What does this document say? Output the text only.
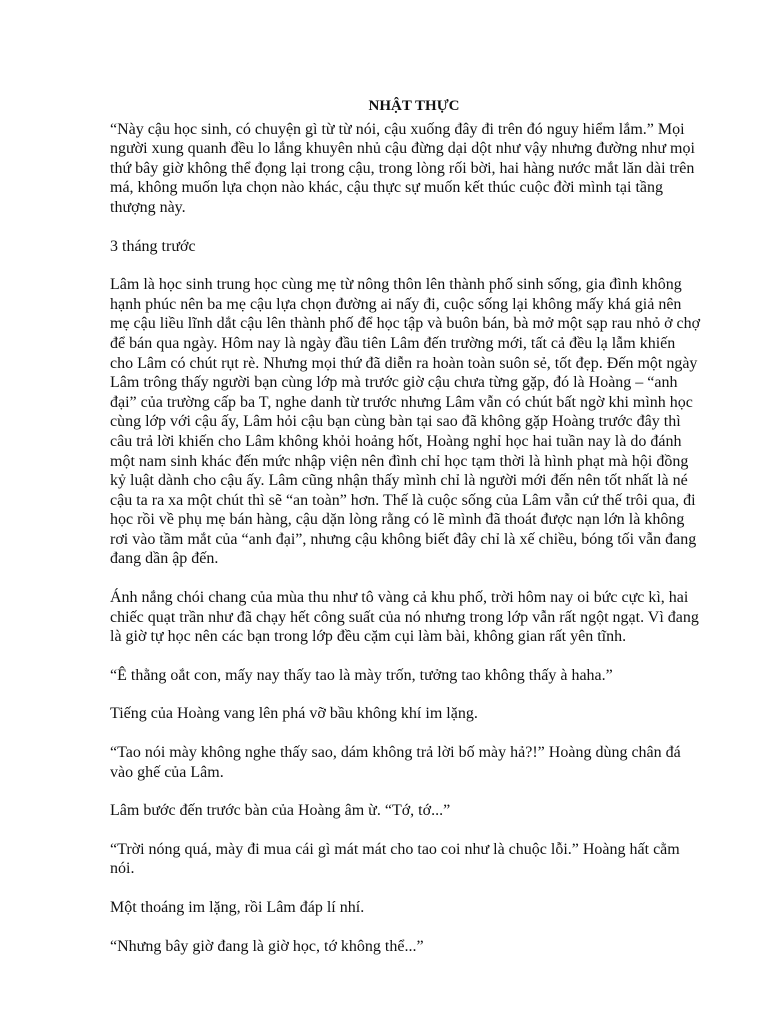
NHẬT THỰC

“Này cậu học sinh, có chuyện gì từ từ nói, cậu xuống đây đi trên đó nguy hiểm lắm.” Mọi người xung quanh đều lo lắng khuyên nhủ cậu đừng dại dột như vậy nhưng đường như mọi thứ bây giờ không thể đọng lại trong cậu, trong lòng rối bời, hai hàng nước mắt lăn dài trên má, không muốn lựa chọn nào khác, cậu thực sự muốn kết thúc cuộc đời mình tại tầng thượng này.

3 tháng trước

Lâm là học sinh trung học cùng mẹ từ nông thôn lên thành phố sinh sống, gia đình không hạnh phúc nên ba mẹ cậu lựa chọn đường ai nấy đi, cuộc sống lại không mấy khá giả nên mẹ cậu liều lĩnh dắt cậu lên thành phố để học tập và buôn bán, bà mở một sạp rau nhỏ ở chợ để bán qua ngày. Hôm nay là ngày đầu tiên Lâm đến trường mới, tất cả đều lạ lẫm khiến cho Lâm có chút rụt rè. Nhưng mọi thứ đã diễn ra hoàn toàn suôn sẻ, tốt đẹp. Đến một ngày Lâm trông thấy người bạn cùng lớp mà trước giờ cậu chưa từng gặp, đó là Hoàng – “anh đại” của trường cấp ba T, nghe danh từ trước nhưng Lâm vẫn có chút bất ngờ khi mình học cùng lớp với cậu ấy, Lâm hỏi cậu bạn cùng bàn tại sao đã không gặp Hoàng trước đây thì câu trả lời khiến cho Lâm không khỏi hoảng hốt, Hoàng nghỉ học hai tuần nay là do đánh một nam sinh khác đến mức nhập viện nên đình chỉ học tạm thời là hình phạt mà hội đồng kỷ luật dành cho cậu ấy. Lâm cũng nhận thấy mình chỉ là người mới đến nên tốt nhất là né cậu ta ra xa một chút thì sẽ “an toàn” hơn. Thế là cuộc sống của Lâm vẫn cứ thế trôi qua, đi học rồi về phụ mẹ bán hàng, cậu dặn lòng rằng có lẽ mình đã thoát được nạn lớn là không rơi vào tầm mắt của “anh đại”, nhưng cậu không biết đây chỉ là xế chiều, bóng tối vẫn đang đang dần ập đến.

Ánh nắng chói chang của mùa thu như tô vàng cả khu phố, trời hôm nay oi bức cực kì, hai chiếc quạt trần như đã chạy hết công suất của nó nhưng trong lớp vẫn rất ngột ngạt. Vì đang là giờ tự học nên các bạn trong lớp đều cặm cụi làm bài, không gian rất yên tĩnh.

“Ê thằng oắt con, mấy nay thấy tao là mày trốn, tưởng tao không thấy à haha.”

Tiếng của Hoàng vang lên phá vỡ bầu không khí im lặng.

“Tao nói mày không nghe thấy sao, dám không trả lời bố mày hả?!” Hoàng dùng chân đá vào ghế của Lâm.

Lâm bước đến trước bàn của Hoàng âm ừ. “Tớ, tớ...”

“Trời nóng quá, mày đi mua cái gì mát mát cho tao coi như là chuộc lỗi.” Hoàng hất cằm nói.

Một thoáng im lặng, rồi Lâm đáp lí nhí.

“Nhưng bây giờ đang là giờ học, tớ không thể...”
